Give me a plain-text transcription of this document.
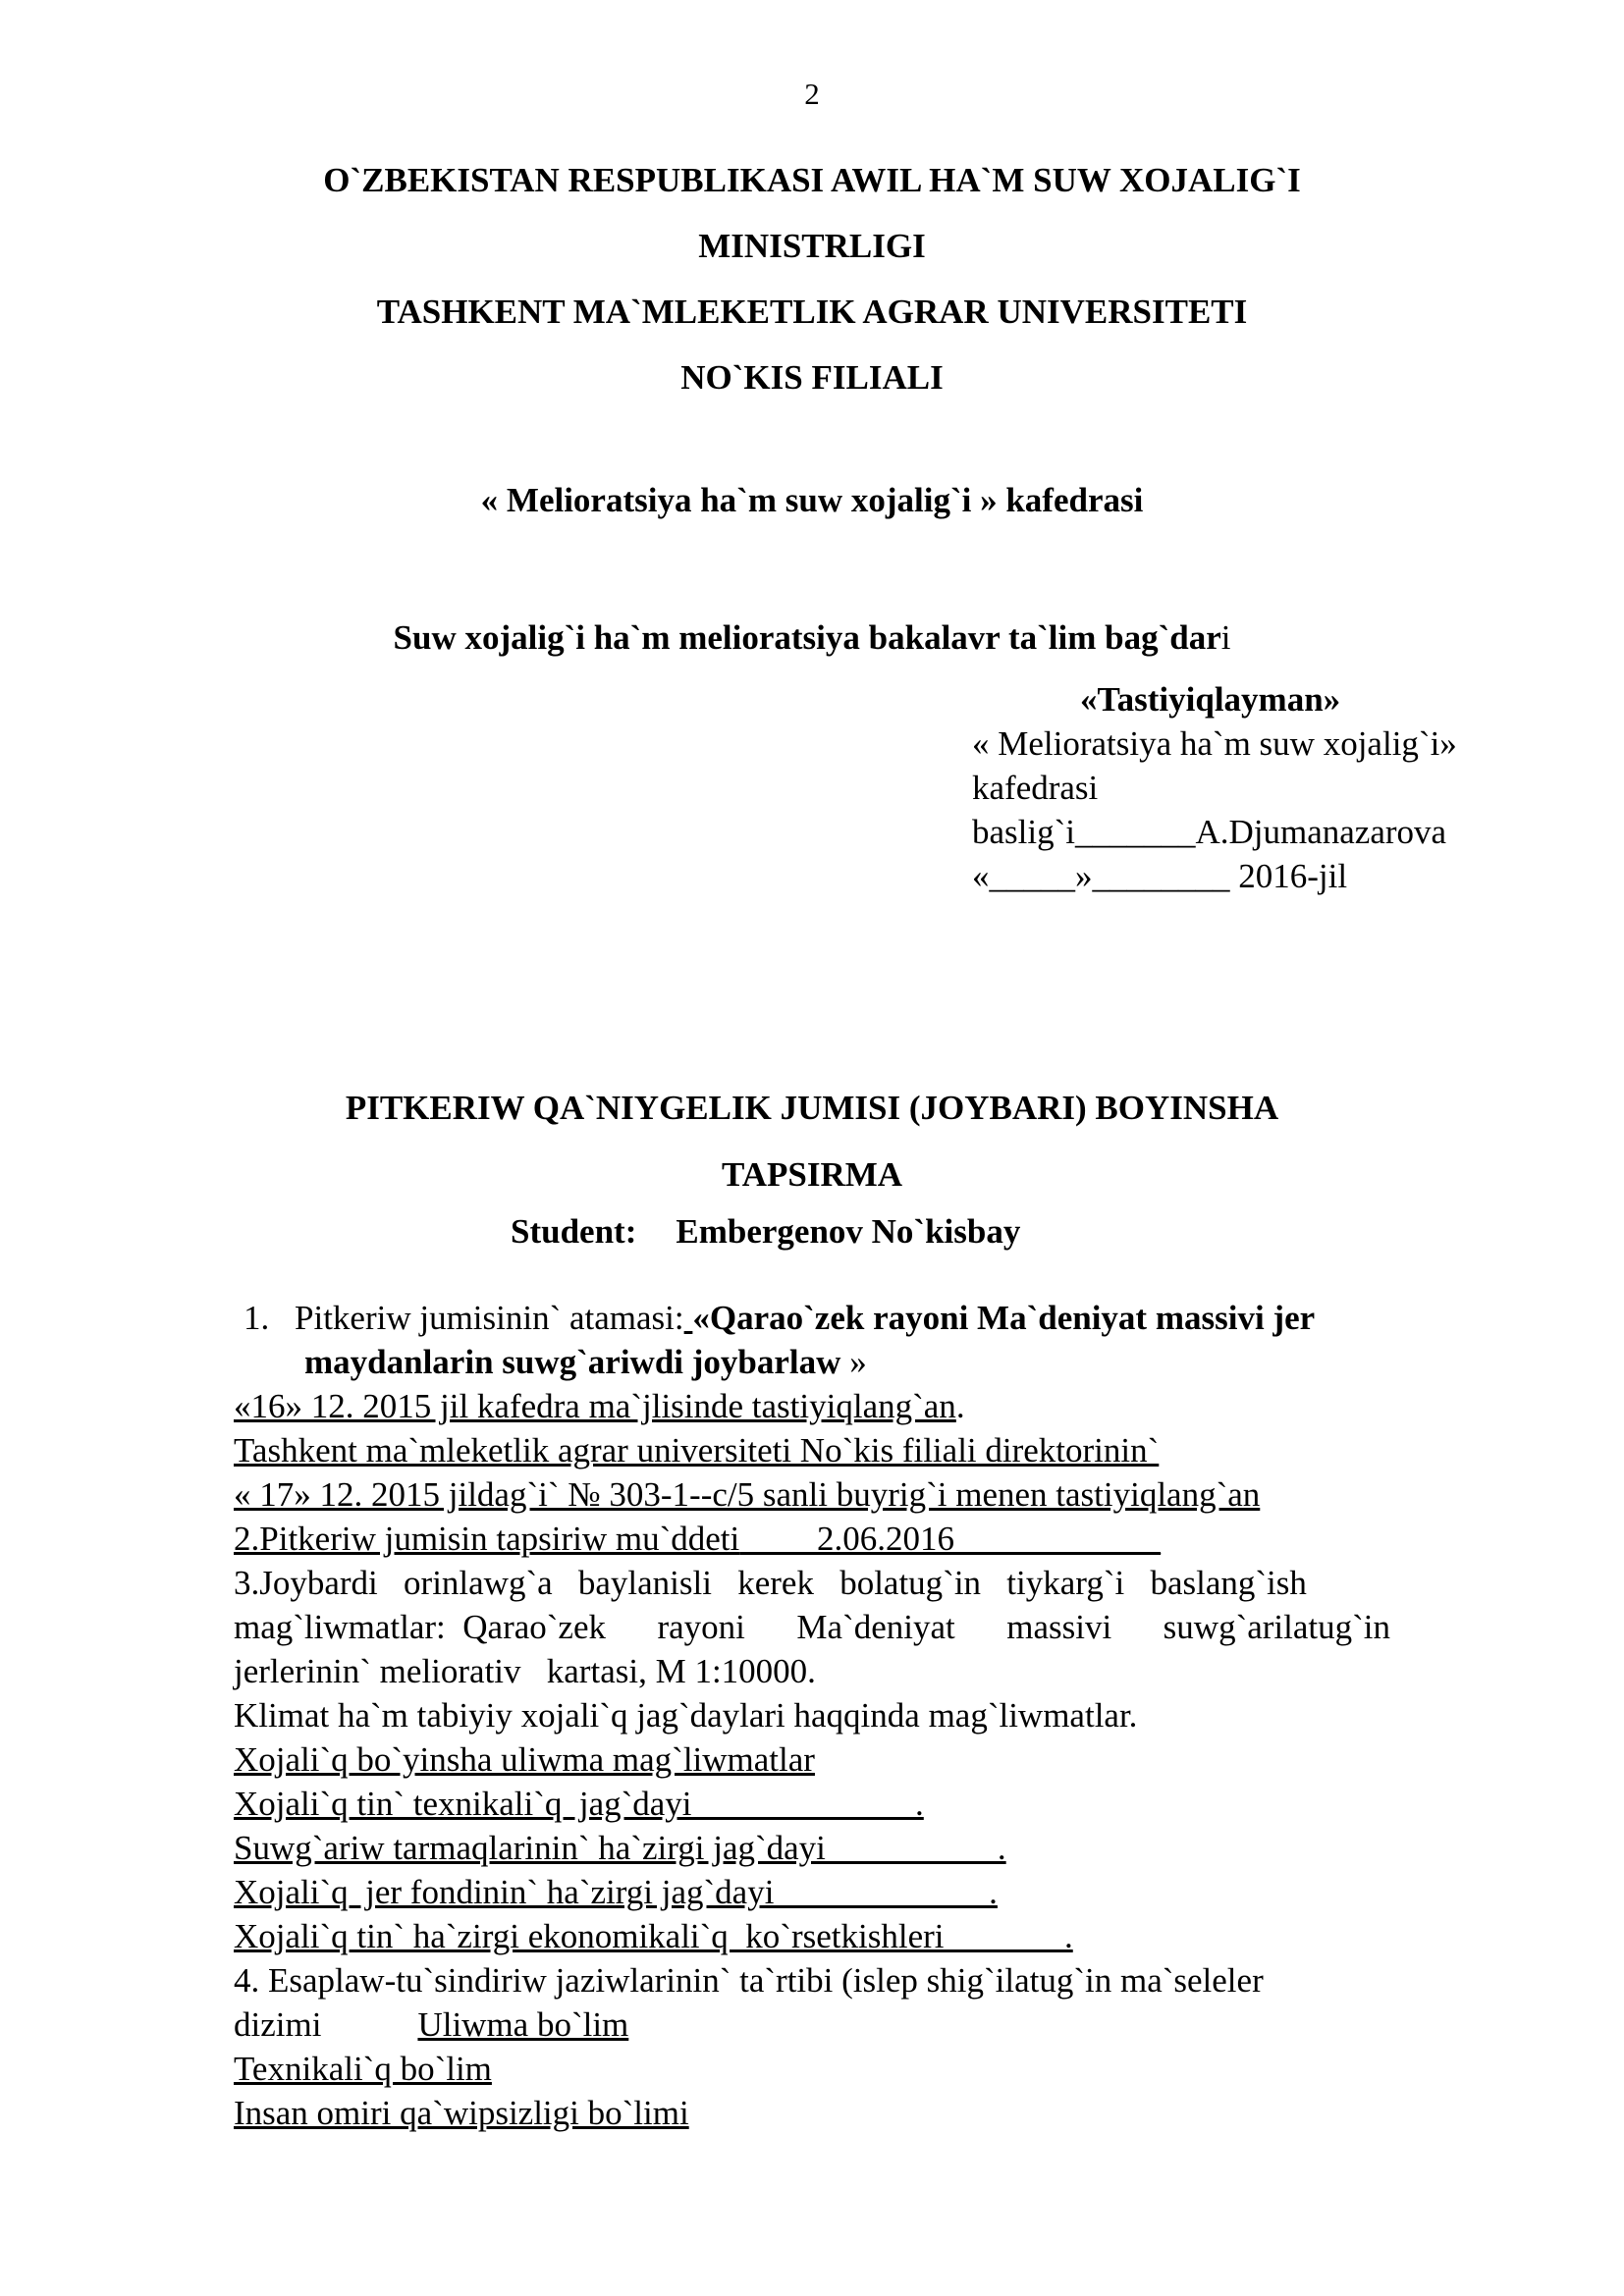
2
O`ZBEKISTAN RESPUBLIKASI AWIL HA`M SUW XOJALIG`I
MINISTRLIGI
TASHKENT MA`MLEKETLIK AGRAR UNIVERSITETI
NO`KIS FILIALI
« Melioratsiya ha`m suw xojalig`i » kafedrasi
Suw xojalig`i ha`m melioratsiya bakalavr ta`lim bag`dari
«Tastiyiqlayman»
« Melioratsiya ha`m suw xojalig`i»
kafedrasi
baslig`i_______A.Djumanazarova
«_____»________ 2016-jil
PITKERIW QA`NIYGELIK JUMISI (JOYBARI) BOYINSHA
TAPSIRMA
Student: Embergenov No`kisbay
1. Pitkeriw jumisinin` atamasi: «Qarao`zek rayoni Ma`deniyat massivi jer
maydanlarin suwg`ariwdi joybarlaw »
«16» 12. 2015 jil kafedra ma`jlisinde tastiyiqlang`an.
Tashkent ma`mleketlik agrar universiteti No`kis filiali direktorinin`
« 17» 12. 2015 jildag`i` № 303-1--c/5 sanli buyrig`i menen tastiyiqlang`an
2.Pitkeriw jumisin tapsiriw mu`ddeti ____2.06.2016____________
3.Joybardi   orinlawg`a   baylanisli   kerek   bolatug`in   tiykarg`i   baslang`ish
mag`liwmatlar:  Qarao`zek      rayoni      Ma`deniyat      massivi      suwg`arilatug`in
jerlerinin` meliorativ   kartasi, M 1:10000.
Klimat ha`m tabiyiy xojali`q jag`daylari haqqinda mag`liwmatlar.
Xojali`q bo`yinsha uliwma mag`liwmatlar
Xojali`q tin` texnikali`q  jag`dayi                          .
Suwg`ariw tarmaqlarinin` ha`zirgi jag`dayi                    .
Xojali`q  jer fondinin` ha`zirgi jag`dayi                         .
Xojali`q tin` ha`zirgi ekonomikali`q  ko`rsetkishleri              .
4. Esaplaw-tu`sindiriw jaziwlarinin` ta`rtibi (islep shig`ilatug`in ma`seleler
dizimi	Uliwma bo`lim
Texnikali`q bo`lim
Insan omiri qa`wipsizligi bo`limi
